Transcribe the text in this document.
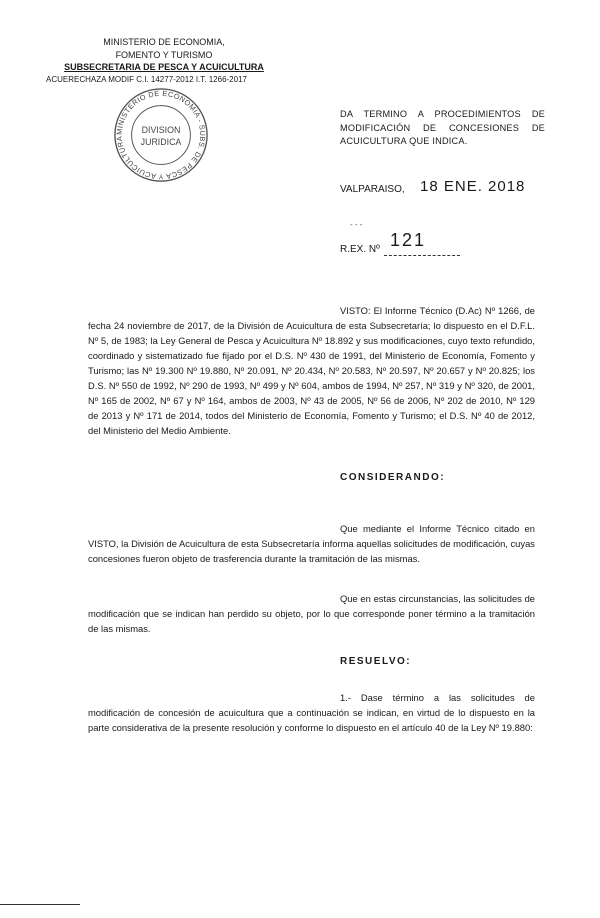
MINISTERIO DE ECONOMIA,
FOMENTO Y TURISMO
SUBSECRETARIA DE PESCA Y ACUICULTURA
ACUERECHAZA MODIF C.I. 14277-2012 I.T. 1266-2017
MINISTERIO DE ECONOMIA - SUBS. DE PESCA Y ACUICULTURA
DIVISION
JURIDICA
DA TERMINO A PROCEDIMIENTOS DE MODIFICACIÓN DE CONCESIONES DE ACUICULTURA QUE INDICA.
VALPARAISO, 18 ENE. 2018
- - -
R.EX. Nº 121
VISTO: El Informe Técnico (D.Ac) Nº 1266, de fecha 24 noviembre de 2017, de la División de Acuicultura de esta Subsecretaría; lo dispuesto en el D.F.L. Nº 5, de 1983; la Ley General de Pesca y Acuicultura Nº 18.892 y sus modificaciones, cuyo texto refundido, coordinado y sistematizado fue fijado por el D.S. Nº 430 de 1991, del Ministerio de Economía, Fomento y Turismo; las Nº 19.300 Nº 19.880, Nº 20.091, Nº 20.434, Nº 20.583, Nº 20.597, Nº 20.657 y Nº 20.825; los D.S. Nº 550 de 1992, Nº 290 de 1993, Nº 499 y Nº 604, ambos de 1994, Nº 257, Nº 319 y Nº 320, de 2001, Nº 165 de 2002, Nº 67 y Nº 164, ambos de 2003, Nº 43 de 2005, Nº 56 de 2006, Nº 202 de 2010, Nº 129 de 2013 y Nº 171 de 2014, todos del Ministerio de Economía, Fomento y Turismo; el D.S. Nº 40 de 2012, del Ministerio del Medio Ambiente.
CONSIDERANDO:
Que mediante el Informe Técnico citado en VISTO, la División de Acuicultura de esta Subsecretaría informa aquellas solicitudes de modificación, cuyas concesiones fueron objeto de trasferencia durante la tramitación de las mismas.
Que en estas circunstancias, las solicitudes de modificación que se indican han perdido su objeto, por lo que corresponde poner término a la tramitación de las mismas.
RESUELVO:
1.- Dase término a las solicitudes de modificación de concesión de acuicultura que a continuación se indican, en virtud de lo dispuesto en la parte considerativa de la presente resolución y conforme lo dispuesto en el artículo 40 de la Ley Nº 19.880:
